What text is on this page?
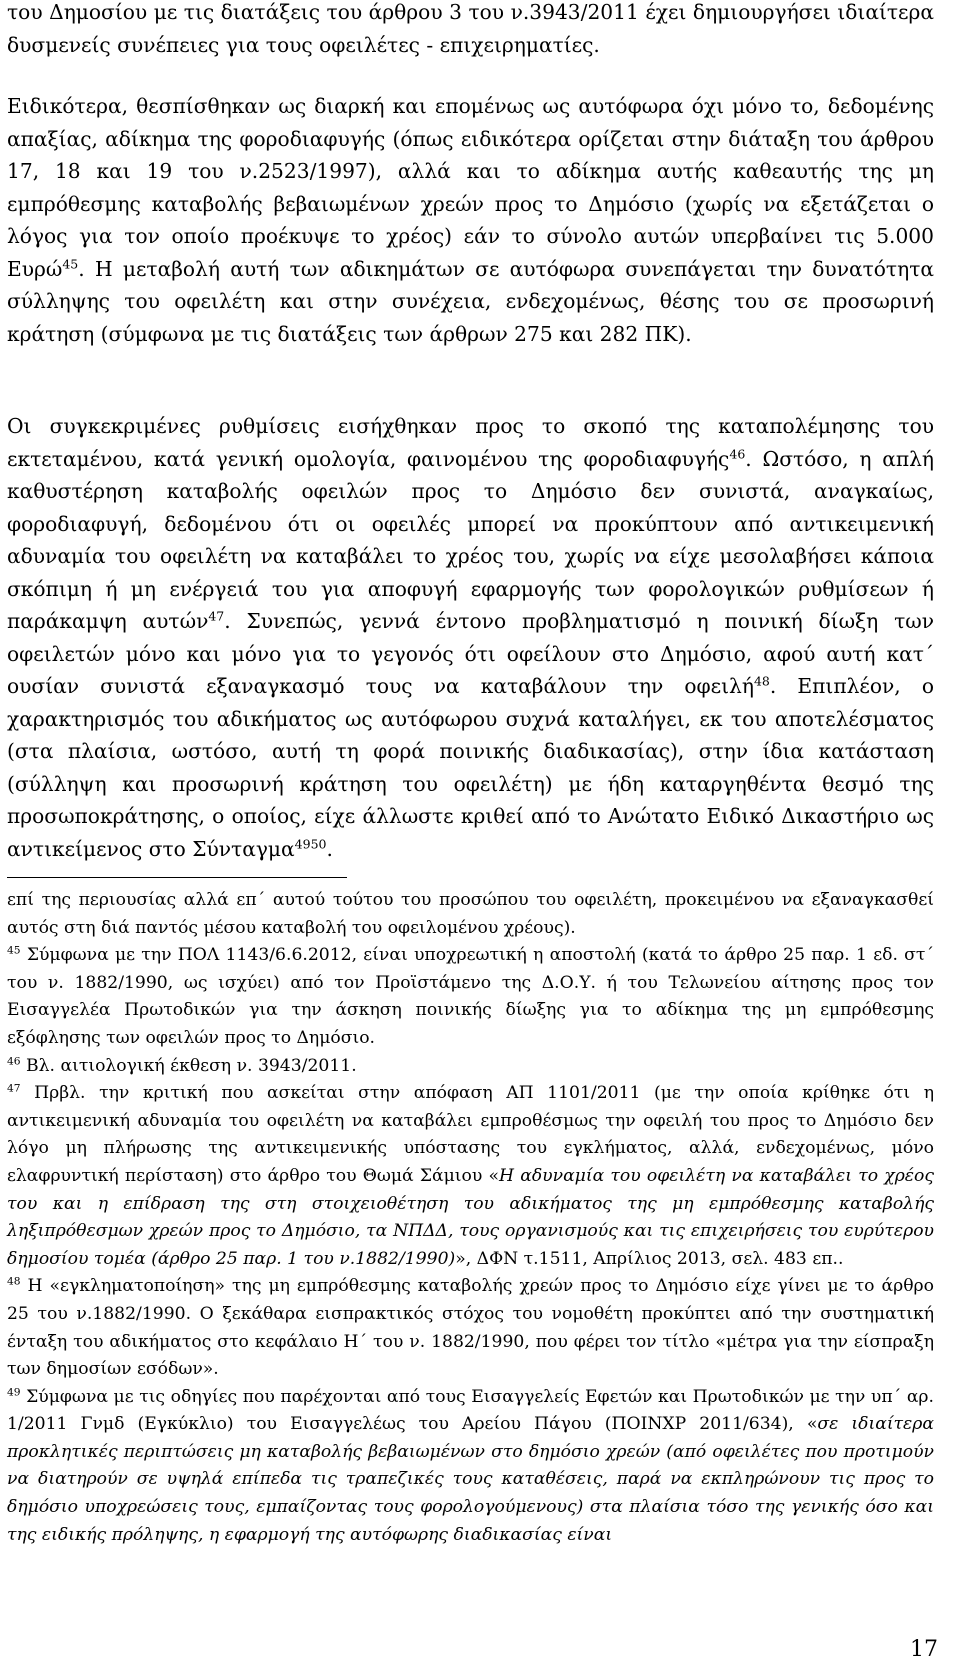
του Δημοσίου με τις διατάξεις του άρθρου 3 του ν.3943/2011 έχει δημιουργήσει ιδιαίτερα δυσμενείς συνέπειες για τους οφειλέτες - επιχειρηματίες.

Ειδικότερα, θεσπίσθηκαν ως διαρκή και επομένως ως αυτόφωρα όχι μόνο το, δεδομένης απαξίας, αδίκημα της φοροδιαφυγής (όπως ειδικότερα ορίζεται στην διάταξη του άρθρου 17, 18 και 19 του ν.2523/1997), αλλά και το αδίκημα αυτής καθεαυτής της μη εμπρόθεσμης καταβολής βεβαιωμένων χρεών προς το Δημόσιο (χωρίς να εξετάζεται ο λόγος για τον οποίο προέκυψε το χρέος) εάν το σύνολο αυτών υπερβαίνει τις 5.000 Ευρώ$^{45}$. Η μεταβολή αυτή των αδικημάτων σε αυτόφωρα συνεπάγεται την δυνατότητα σύλληψης του οφειλέτη και στην συνέχεια, ενδεχομένως, θέσης του σε προσωρινή κράτηση (σύμφωνα με τις διατάξεις των άρθρων 275 και 282 ΠΚ).

Οι συγκεκριμένες ρυθμίσεις εισήχθηκαν προς το σκοπό της καταπολέμησης του εκτεταμένου, κατά γενική ομολογία, φαινομένου της φοροδιαφυγής$^{46}$. Ωστόσο, η απλή καθυστέρηση καταβολής οφειλών προς το Δημόσιο δεν συνιστά, αναγκαίως, φοροδιαφυγή, δεδομένου ότι οι οφειλές μπορεί να προκύπτουν από αντικειμενική αδυναμία του οφειλέτη να καταβάλει το χρέος του, χωρίς να είχε μεσολαβήσει κάποια σκόπιμη ή μη ενέργειά του για αποφυγή εφαρμογής των φορολογικών ρυθμίσεων ή παράκαμψη αυτών$^{47}$. Συνεπώς, γεννά έντονο προβληματισμό η ποινική δίωξη των οφειλετών μόνο και μόνο για το γεγονός ότι οφείλουν στο Δημόσιο, αφού αυτή κατ΄ ουσίαν συνιστά εξαναγκασμό τους να καταβάλουν την οφειλή$^{48}$. Επιπλέον, ο χαρακτηρισμός του αδικήματος ως αυτόφωρου συχνά καταλήγει, εκ του αποτελέσματος (στα πλαίσια, ωστόσο, αυτή τη φορά ποινικής διαδικασίας), στην ίδια κατάσταση (σύλληψη και προσωρινή κράτηση του οφειλέτη) με ήδη καταργηθέντα θεσμό της προσωποκράτησης, ο οποίος, είχε άλλωστε κριθεί από το Ανώτατο Ειδικό Δικαστήριο ως αντικείμενος στο Σύνταγμα$^{4950}$.

επί της περιουσίας αλλά επ΄ αυτού τούτου του προσώπου του οφειλέτη, προκειμένου να εξαναγκασθεί αυτός στη διά παντός μέσου καταβολή του οφειλομένου χρέους).

$^{45}$ Σύμφωνα με την ΠΟΛ 1143/6.6.2012, είναι υποχρεωτική η αποστολή (κατά το άρθρο 25 παρ. 1 εδ. στ΄ του ν. 1882/1990, ως ισχύει) από τον Προϊστάμενο της Δ.Ο.Υ. ή του Τελωνείου αίτησης προς τον Εισαγγελέα Πρωτοδικών για την άσκηση ποινικής δίωξης για το αδίκημα της μη εμπρόθεσμης εξόφλησης των οφειλών προς το Δημόσιο.

$^{46}$ Βλ. αιτιολογική έκθεση ν. 3943/2011.

$^{47}$ Πρβλ. την κριτική που ασκείται στην απόφαση ΑΠ 1101/2011 (με την οποία κρίθηκε ότι η αντικειμενική αδυναμία του οφειλέτη να καταβάλει εμπροθέσμως την οφειλή του προς το Δημόσιο δεν λόγο μη πλήρωσης της αντικειμενικής υπόστασης του εγκλήματος, αλλά, ενδεχομένως, μόνο ελαφρυντική περίσταση) στο άρθρο του Θωμά Σάμιου «Η αδυναμία του οφειλέτη να καταβάλει το χρέος του και η επίδραση της στη στοιχειοθέτηση του αδικήματος της μη εμπρόθεσμης καταβολής ληξιπρόθεσμων χρεών προς το Δημόσιο, τα ΝΠΔΔ, τους οργανισμούς και τις επιχειρήσεις του ευρύτερου δημοσίου τομέα (άρθρο 25 παρ. 1 του ν.1882/1990)», ΔΦΝ τ.1511, Απρίλιος 2013, σελ. 483 επ..

$^{48}$ Η «εγκληματοποίηση» της μη εμπρόθεσμης καταβολής χρεών προς το Δημόσιο είχε γίνει με το άρθρο 25 του ν.1882/1990. Ο ξεκάθαρα εισπρακτικός στόχος του νομοθέτη προκύπτει από την συστηματική ένταξη του αδικήματος στο κεφάλαιο Η΄ του ν. 1882/1990, που φέρει τον τίτλο «μέτρα για την είσπραξη των δημοσίων εσόδων».

$^{49}$ Σύμφωνα με τις οδηγίες που παρέχονται από τους Εισαγγελείς Εφετών και Πρωτοδικών με την υπ΄ αρ. 1/2011 Γνμδ (Εγκύκλιο) του Εισαγγελέως του Αρείου Πάγου (ΠΟΙΝΧΡ 2011/634), «σε ιδιαίτερα προκλητικές περιπτώσεις μη καταβολής βεβαιωμένων στο δημόσιο χρεών (από οφειλέτες που προτιμούν να διατηρούν σε υψηλά επίπεδα τις τραπεζικές τους καταθέσεις, παρά να εκπληρώνουν τις προς το δημόσιο υποχρεώσεις τους, εμπαίζοντας τους φορολογούμενους) στα πλαίσια τόσο της γενικής όσο και της ειδικής πρόληψης, η εφαρμογή της αυτόφωρης διαδικασίας είναι

17
